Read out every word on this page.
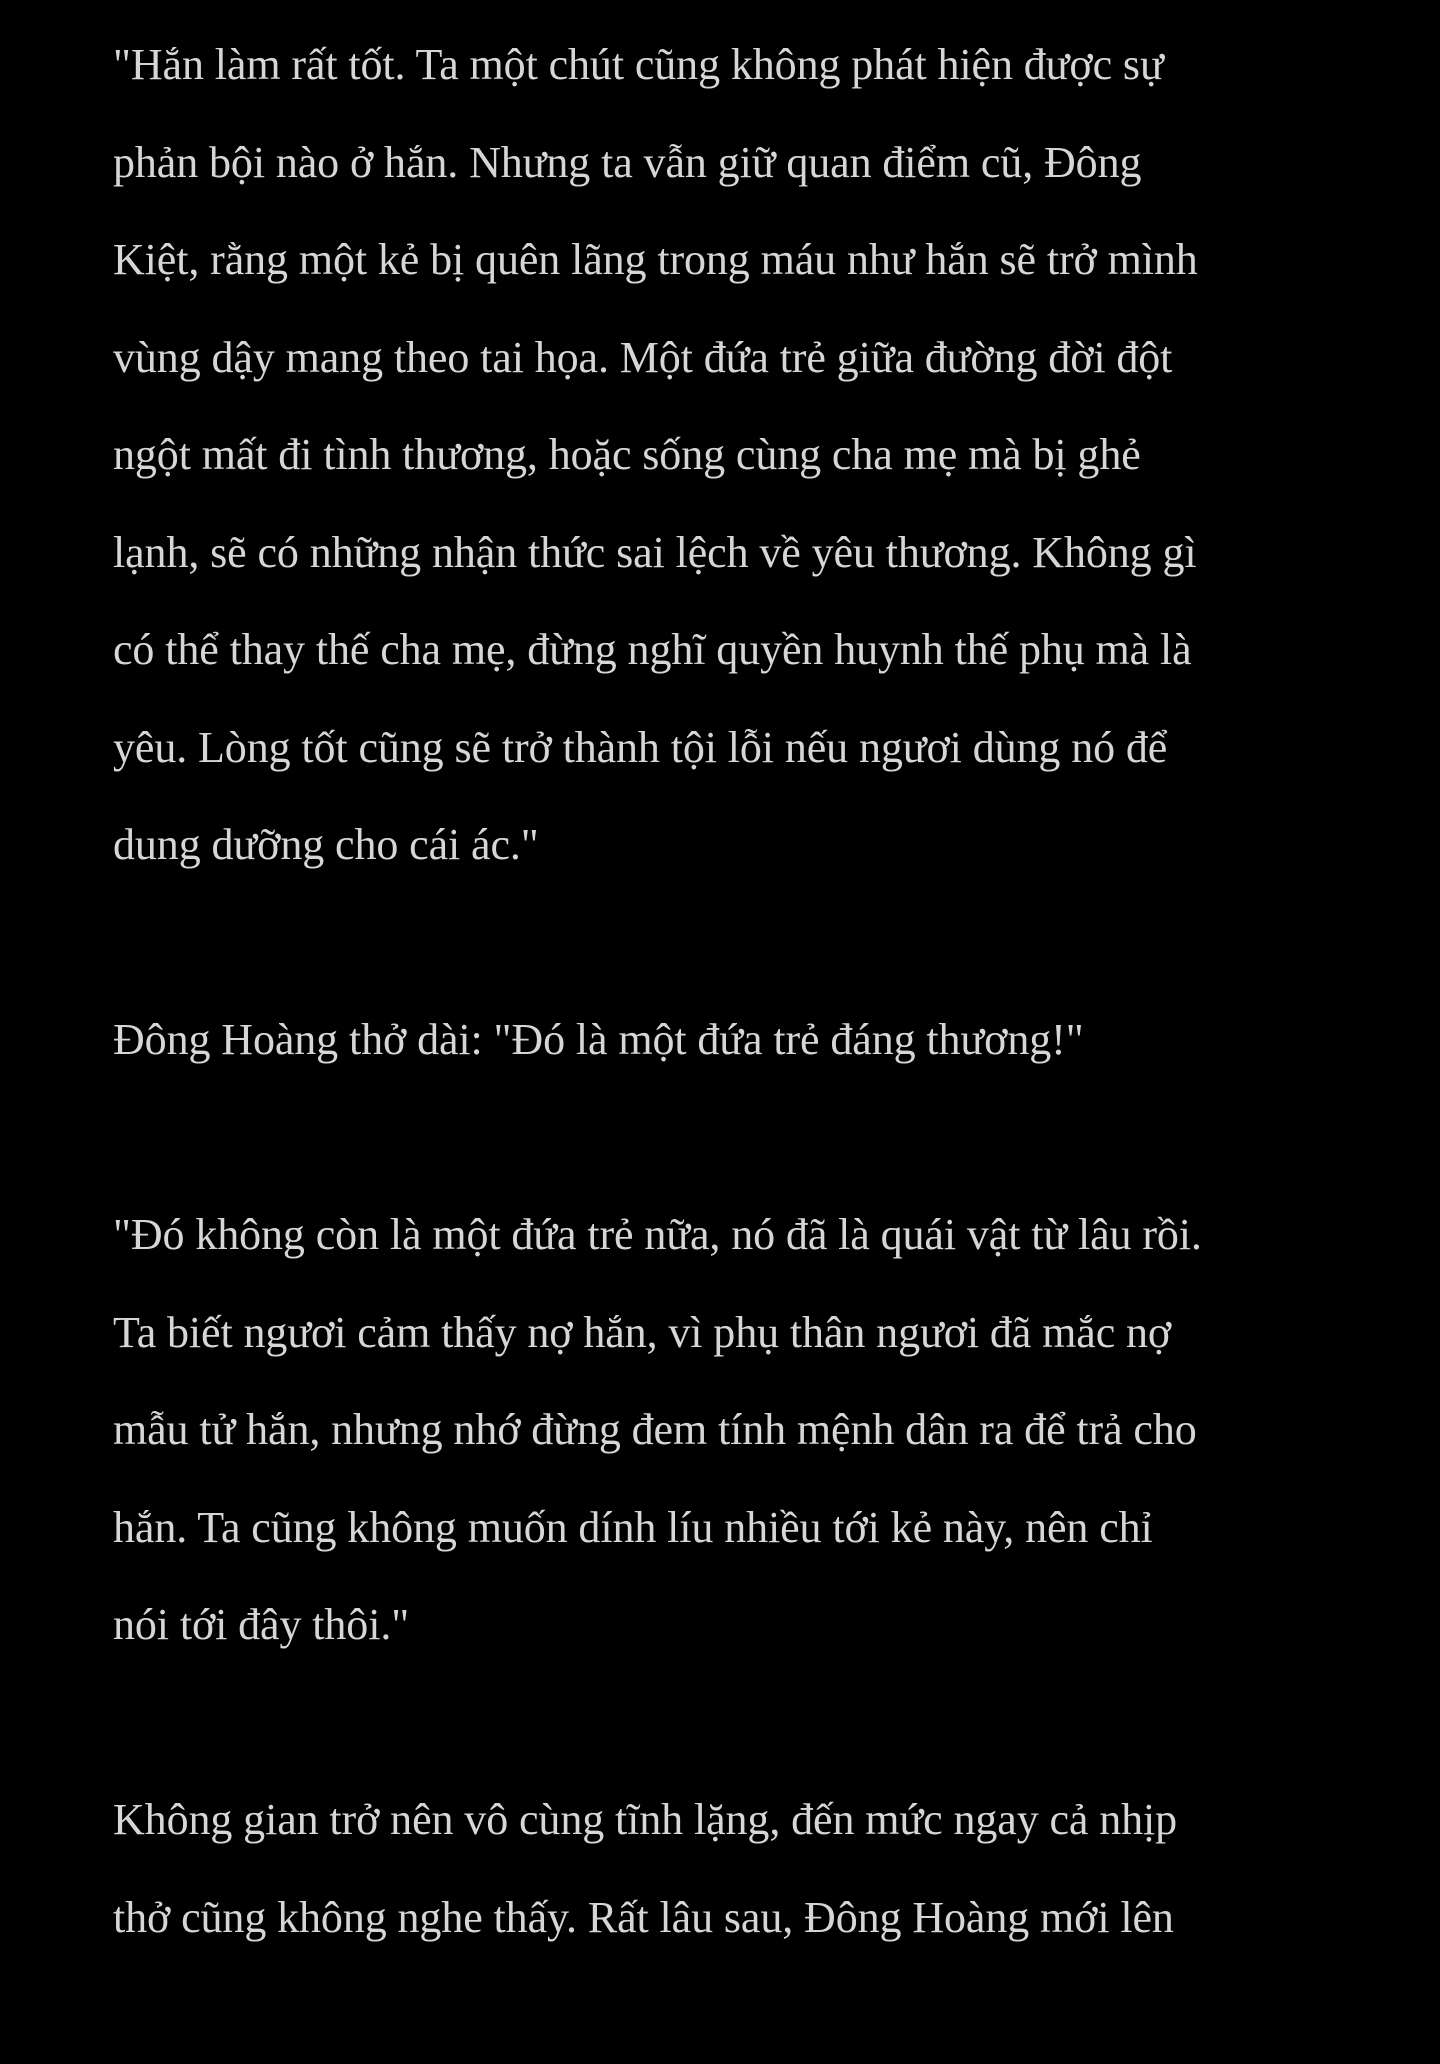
"Hắn làm rất tốt. Ta một chút cũng không phát hiện được sự
phản bội nào ở hắn. Nhưng ta vẫn giữ quan điểm cũ, Đông
Kiệt, rằng một kẻ bị quên lãng trong máu như hắn sẽ trở mình
vùng dậy mang theo tai họa. Một đứa trẻ giữa đường đời đột
ngột mất đi tình thương, hoặc sống cùng cha mẹ mà bị ghẻ
lạnh, sẽ có những nhận thức sai lệch về yêu thương. Không gì
có thể thay thế cha mẹ, đừng nghĩ quyền huynh thế phụ mà là
yêu. Lòng tốt cũng sẽ trở thành tội lỗi nếu ngươi dùng nó để
dung dưỡng cho cái ác."

Đông Hoàng thở dài: "Đó là một đứa trẻ đáng thương!"

"Đó không còn là một đứa trẻ nữa, nó đã là quái vật từ lâu rồi.
Ta biết ngươi cảm thấy nợ hắn, vì phụ thân ngươi đã mắc nợ
mẫu tử hắn, nhưng nhớ đừng đem tính mệnh dân ra để trả cho
hắn. Ta cũng không muốn dính líu nhiều tới kẻ này, nên chỉ
nói tới đây thôi."

Không gian trở nên vô cùng tĩnh lặng, đến mức ngay cả nhịp
thở cũng không nghe thấy. Rất lâu sau, Đông Hoàng mới lên
